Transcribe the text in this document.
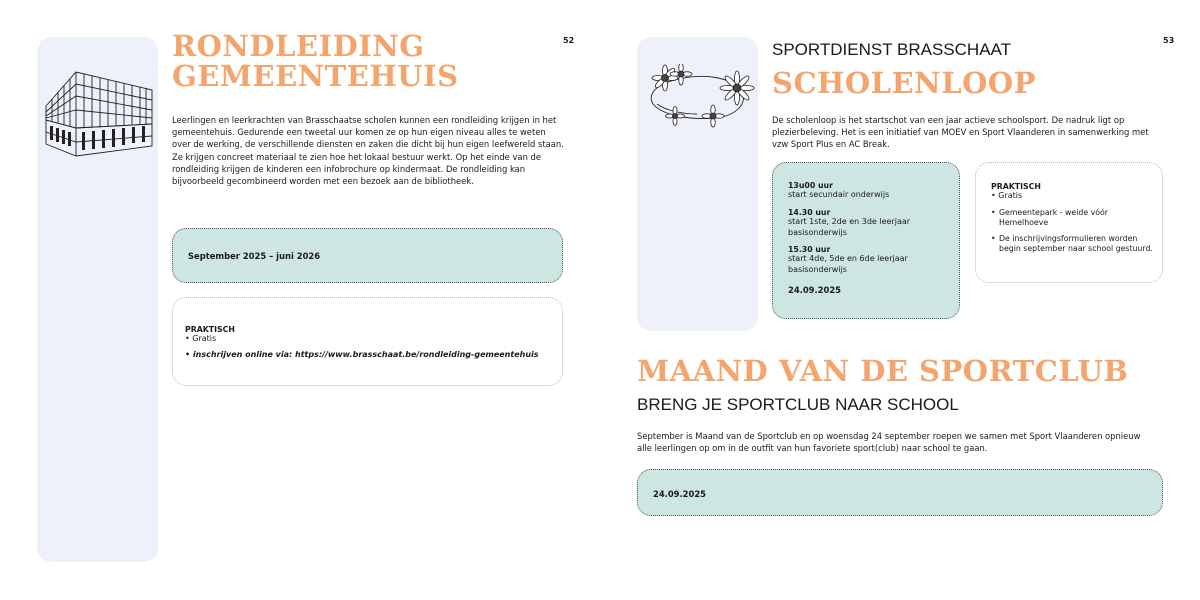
52
RONDLEIDING
GEMEENTEHUIS

Leerlingen en leerkrachten van Brasschaatse scholen kunnen een rondleiding krijgen in het gemeentehuis. Gedurende een tweetal uur komen ze op hun eigen niveau alles te weten over de werking, de verschillende diensten en zaken die dicht bij hun eigen leefwereld staan. Ze krijgen concreet materiaal te zien hoe het lokaal bestuur werkt. Op het einde van de rondleiding krijgen de kinderen een infobrochure op kindermaat. De rondleiding kan bijvoorbeeld gecombineerd worden met een bezoek aan de bibliotheek.

September 2025 – juni 2026
PRAKTISCH
• Gratis
• inschrijven online via: https://www.brasschaat.be/rondleiding-gemeentehuis
53
SPORTDIENST BRASSCHAAT
SCHOLENLOOP

De scholenloop is het startschot van een jaar actieve schoolsport. De nadruk ligt op plezierbeleving. Het is een initiatief van MOEV en Sport Vlaanderen in samenwerking met vzw Sport Plus en AC Break.

13u00 uur
start secundair onderwijs
14.30 uur
start 1ste, 2de en 3de leerjaar basisonderwijs
15.30 uur
start 4de, 5de en 6de leerjaar basisonderwijs
24.09.2025
PRAKTISCH
• Gratis
• Gemeentepark - weide vóór Hemelhoeve
• De inschrijvingsformulieren worden begin september naar school gestuurd.
MAAND VAN DE SPORTCLUB
BRENG JE SPORTCLUB NAAR SCHOOL

September is Maand van de Sportclub en op woensdag 24 september roepen we samen met Sport Vlaanderen opnieuw alle leerlingen op om in de outfit van hun favoriete sport(club) naar school te gaan.

24.09.2025
